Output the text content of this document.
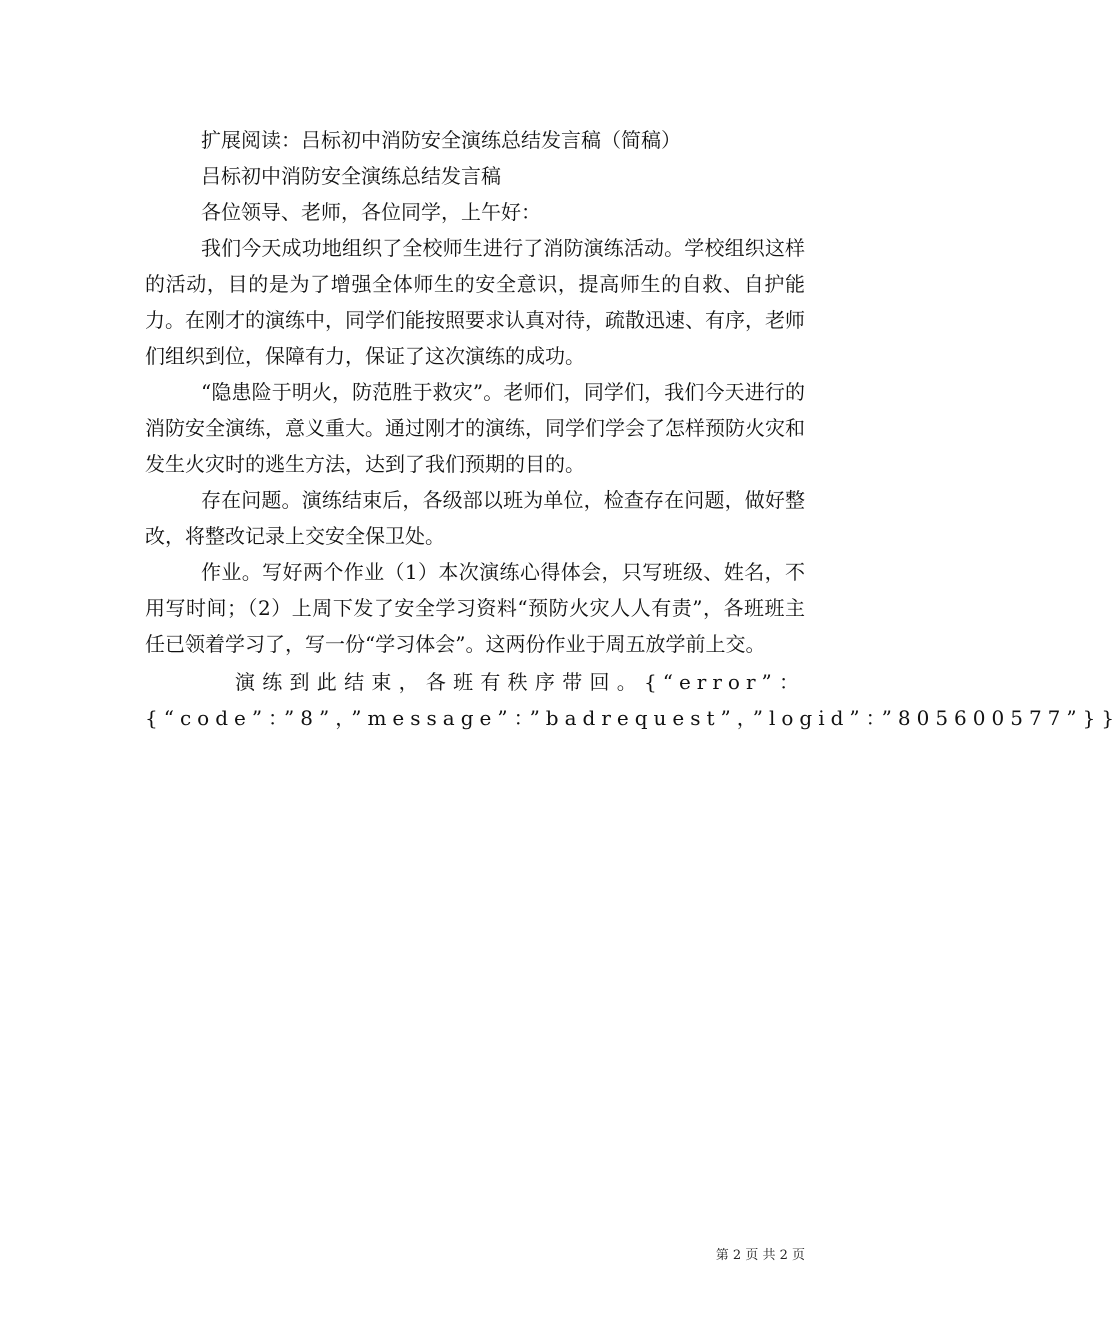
扩展阅读：吕标初中消防安全演练总结发言稿（简稿）

吕标初中消防安全演练总结发言稿

各位领导、老师，各位同学，上午好：

我们今天成功地组织了全校师生进行了消防演练活动。学校组织这样的活动，目的是为了增强全体师生的安全意识，提高师生的自救、自护能力。在刚才的演练中，同学们能按照要求认真对待，疏散迅速、有序，老师们组织到位，保障有力，保证了这次演练的成功。

“隐患险于明火，防范胜于救灾”。老师们，同学们，我们今天进行的消防安全演练，意义重大。通过刚才的演练，同学们学会了怎样预防火灾和发生火灾时的逃生方法，达到了我们预期的目的。

存在问题。演练结束后，各级部以班为单位，检查存在问题，做好整改，将整改记录上交安全保卫处。

作业。写好两个作业（1）本次演练心得体会，只写班级、姓名，不用写时间；（2）上周下发了安全学习资料“预防火灾人人有责”，各班班主任已领着学习了，写一份“学习体会”。这两份作业于周五放学前上交。

演练到此结束，各班有秩序带回。{“error”：{“code”：”8”，”message”：”badrequest”，”logid”：”805600577”}}

第 2 页 共 2 页
